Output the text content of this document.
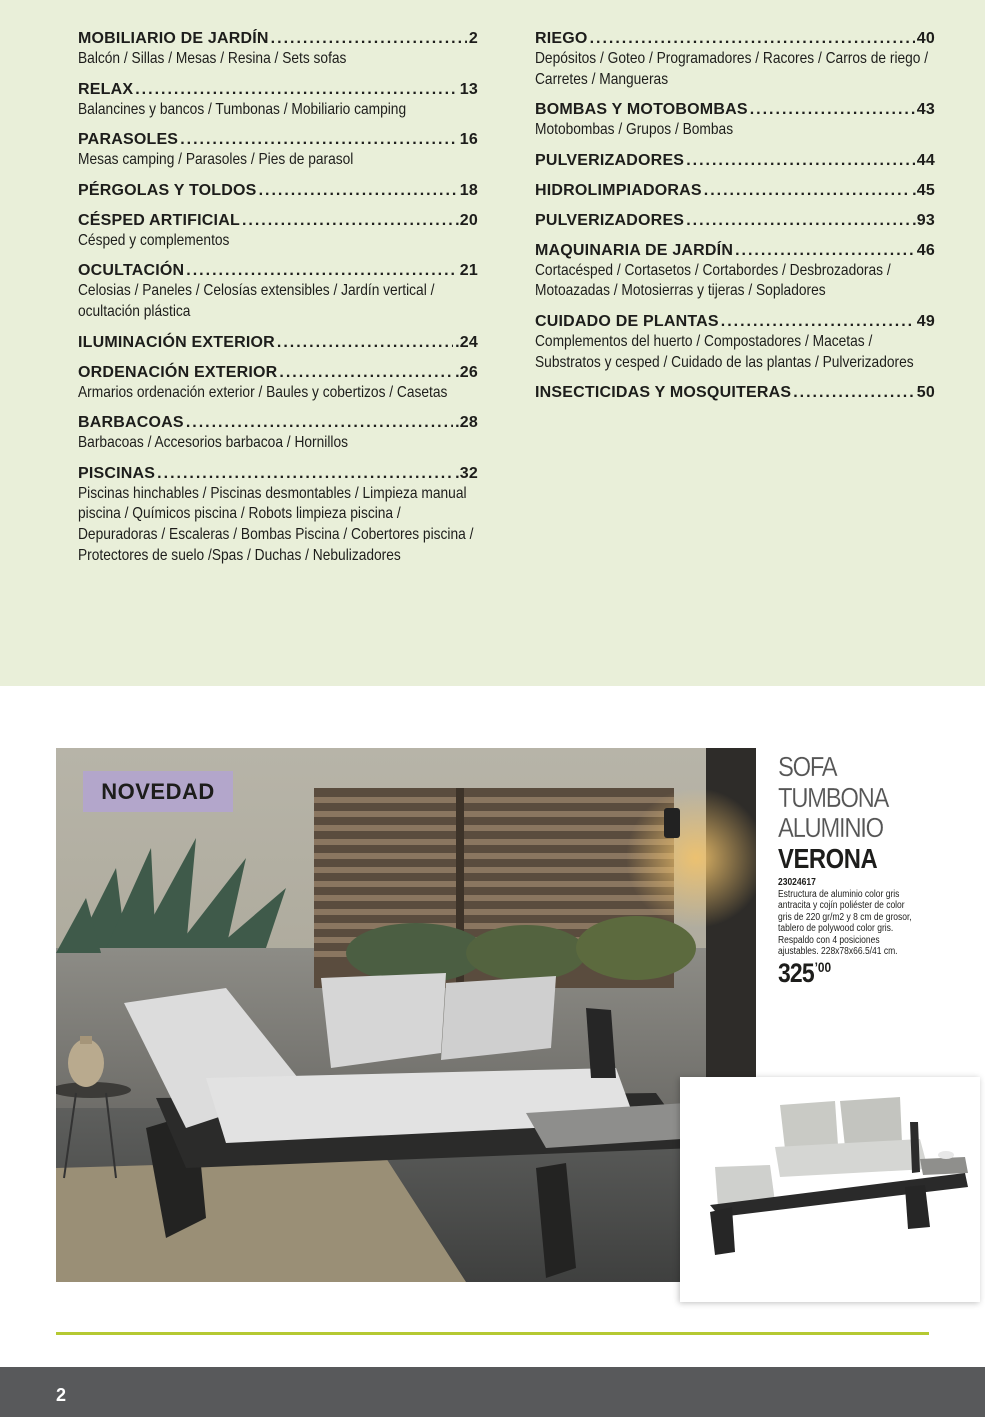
MOBILIARIO DE JARDÍN .....	2
Balcón / Sillas / Mesas / Resina / Sets sofas
RELAX .....	13
Balancines y bancos / Tumbonas / Mobiliario camping
PARASOLES .....	16
Mesas camping / Parasoles / Pies de parasol
PÉRGOLAS Y TOLDOS .....	18
CÉSPED ARTIFICIAL .....	.20
Césped y complementos
OCULTACIÓN .....	21
Celosias / Paneles / Celosías extensibles / Jardín vertical / ocultación plástica
ILUMINACIÓN EXTERIOR .....	.24
ORDENACIÓN EXTERIOR .....	.26
Armarios ordenación exterior / Baules y cobertizos / Casetas
BARBACOAS .....	.28
Barbacoas / Accesorios barbacoa / Hornillos
PISCINAS .....	.32
Piscinas hinchables / Piscinas desmontables / Limpieza manual piscina / Químicos piscina / Robots limpieza piscina / Depuradoras / Escaleras / Bombas Piscina / Cobertores piscina / Protectores de suelo /Spas / Duchas / Nebulizadores
RIEGO .....	40
Depósitos / Goteo / Programadores / Racores / Carros de riego / Carretes / Mangueras
BOMBAS Y MOTOBOMBAS .....	43
Motobombas / Grupos / Bombas
PULVERIZADORES .....	44
HIDROLIMPIADORAS .....	.45
PULVERIZADORES .....	.93
MAQUINARIA DE JARDÍN .....	46
Cortacésped / Cortasetos / Cortabordes / Desbrozadoras / Motoazadas / Motosierras y tijeras / Sopladores
CUIDADO DE PLANTAS .....	49
Complementos del huerto / Compostadores / Macetas / Substratos y cesped / Cuidado de las plantas / Pulverizadores
INSECTICIDAS Y MOSQUITERAS .....	50
NOVEDAD
SOFA
TUMBONA
ALUMINIO
VERONA
23024617
Estructura de aluminio color gris antracita y cojín poliéster de color gris de 220 gr/m2 y 8 cm de grosor, tablero de polywood color gris. Respaldo con 4 posiciones ajustables. 228x78x66.5/41 cm.
325 ’00
2
